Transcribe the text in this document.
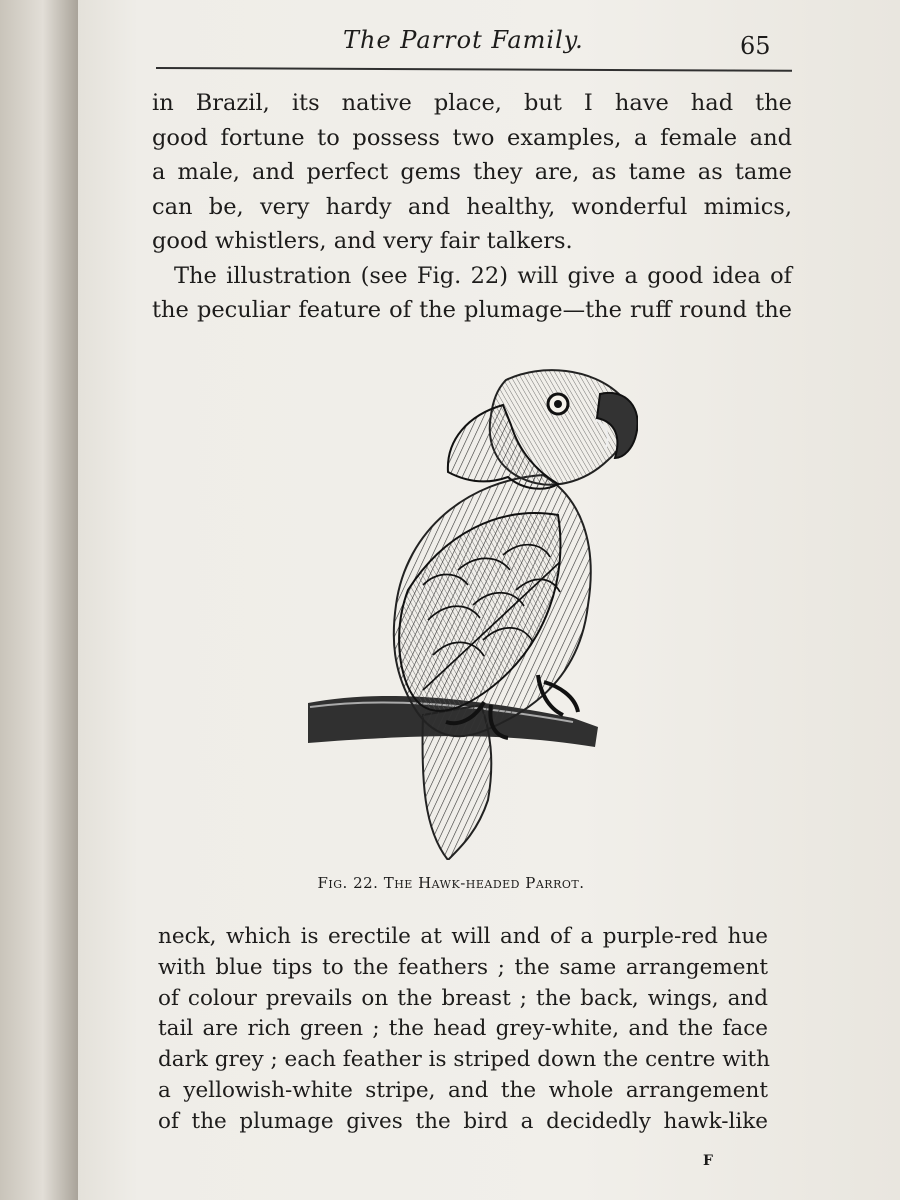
The Parrot Family.	65
in Brazil, its native place, but I have had the
good fortune to possess two examples, a female and
a male, and perfect gems they are, as tame as tame
can be, very hardy and healthy, wonderful mimics,
good whistlers, and very fair talkers.
The illustration (see Fig. 22) will give a good idea of
the peculiar feature of the plumage—the ruff round the
Fig. 22. The Hawk-headed Parrot.
neck, which is erectile at will and of a purple-red hue
with blue tips to the feathers ; the same arrangement
of colour prevails on the breast ; the back, wings, and
tail are rich green ; the head grey-white, and the face
dark grey ; each feather is striped down the centre with
a yellowish-white stripe, and the whole arrangement
of the plumage gives the bird a decidedly hawk-like
F
